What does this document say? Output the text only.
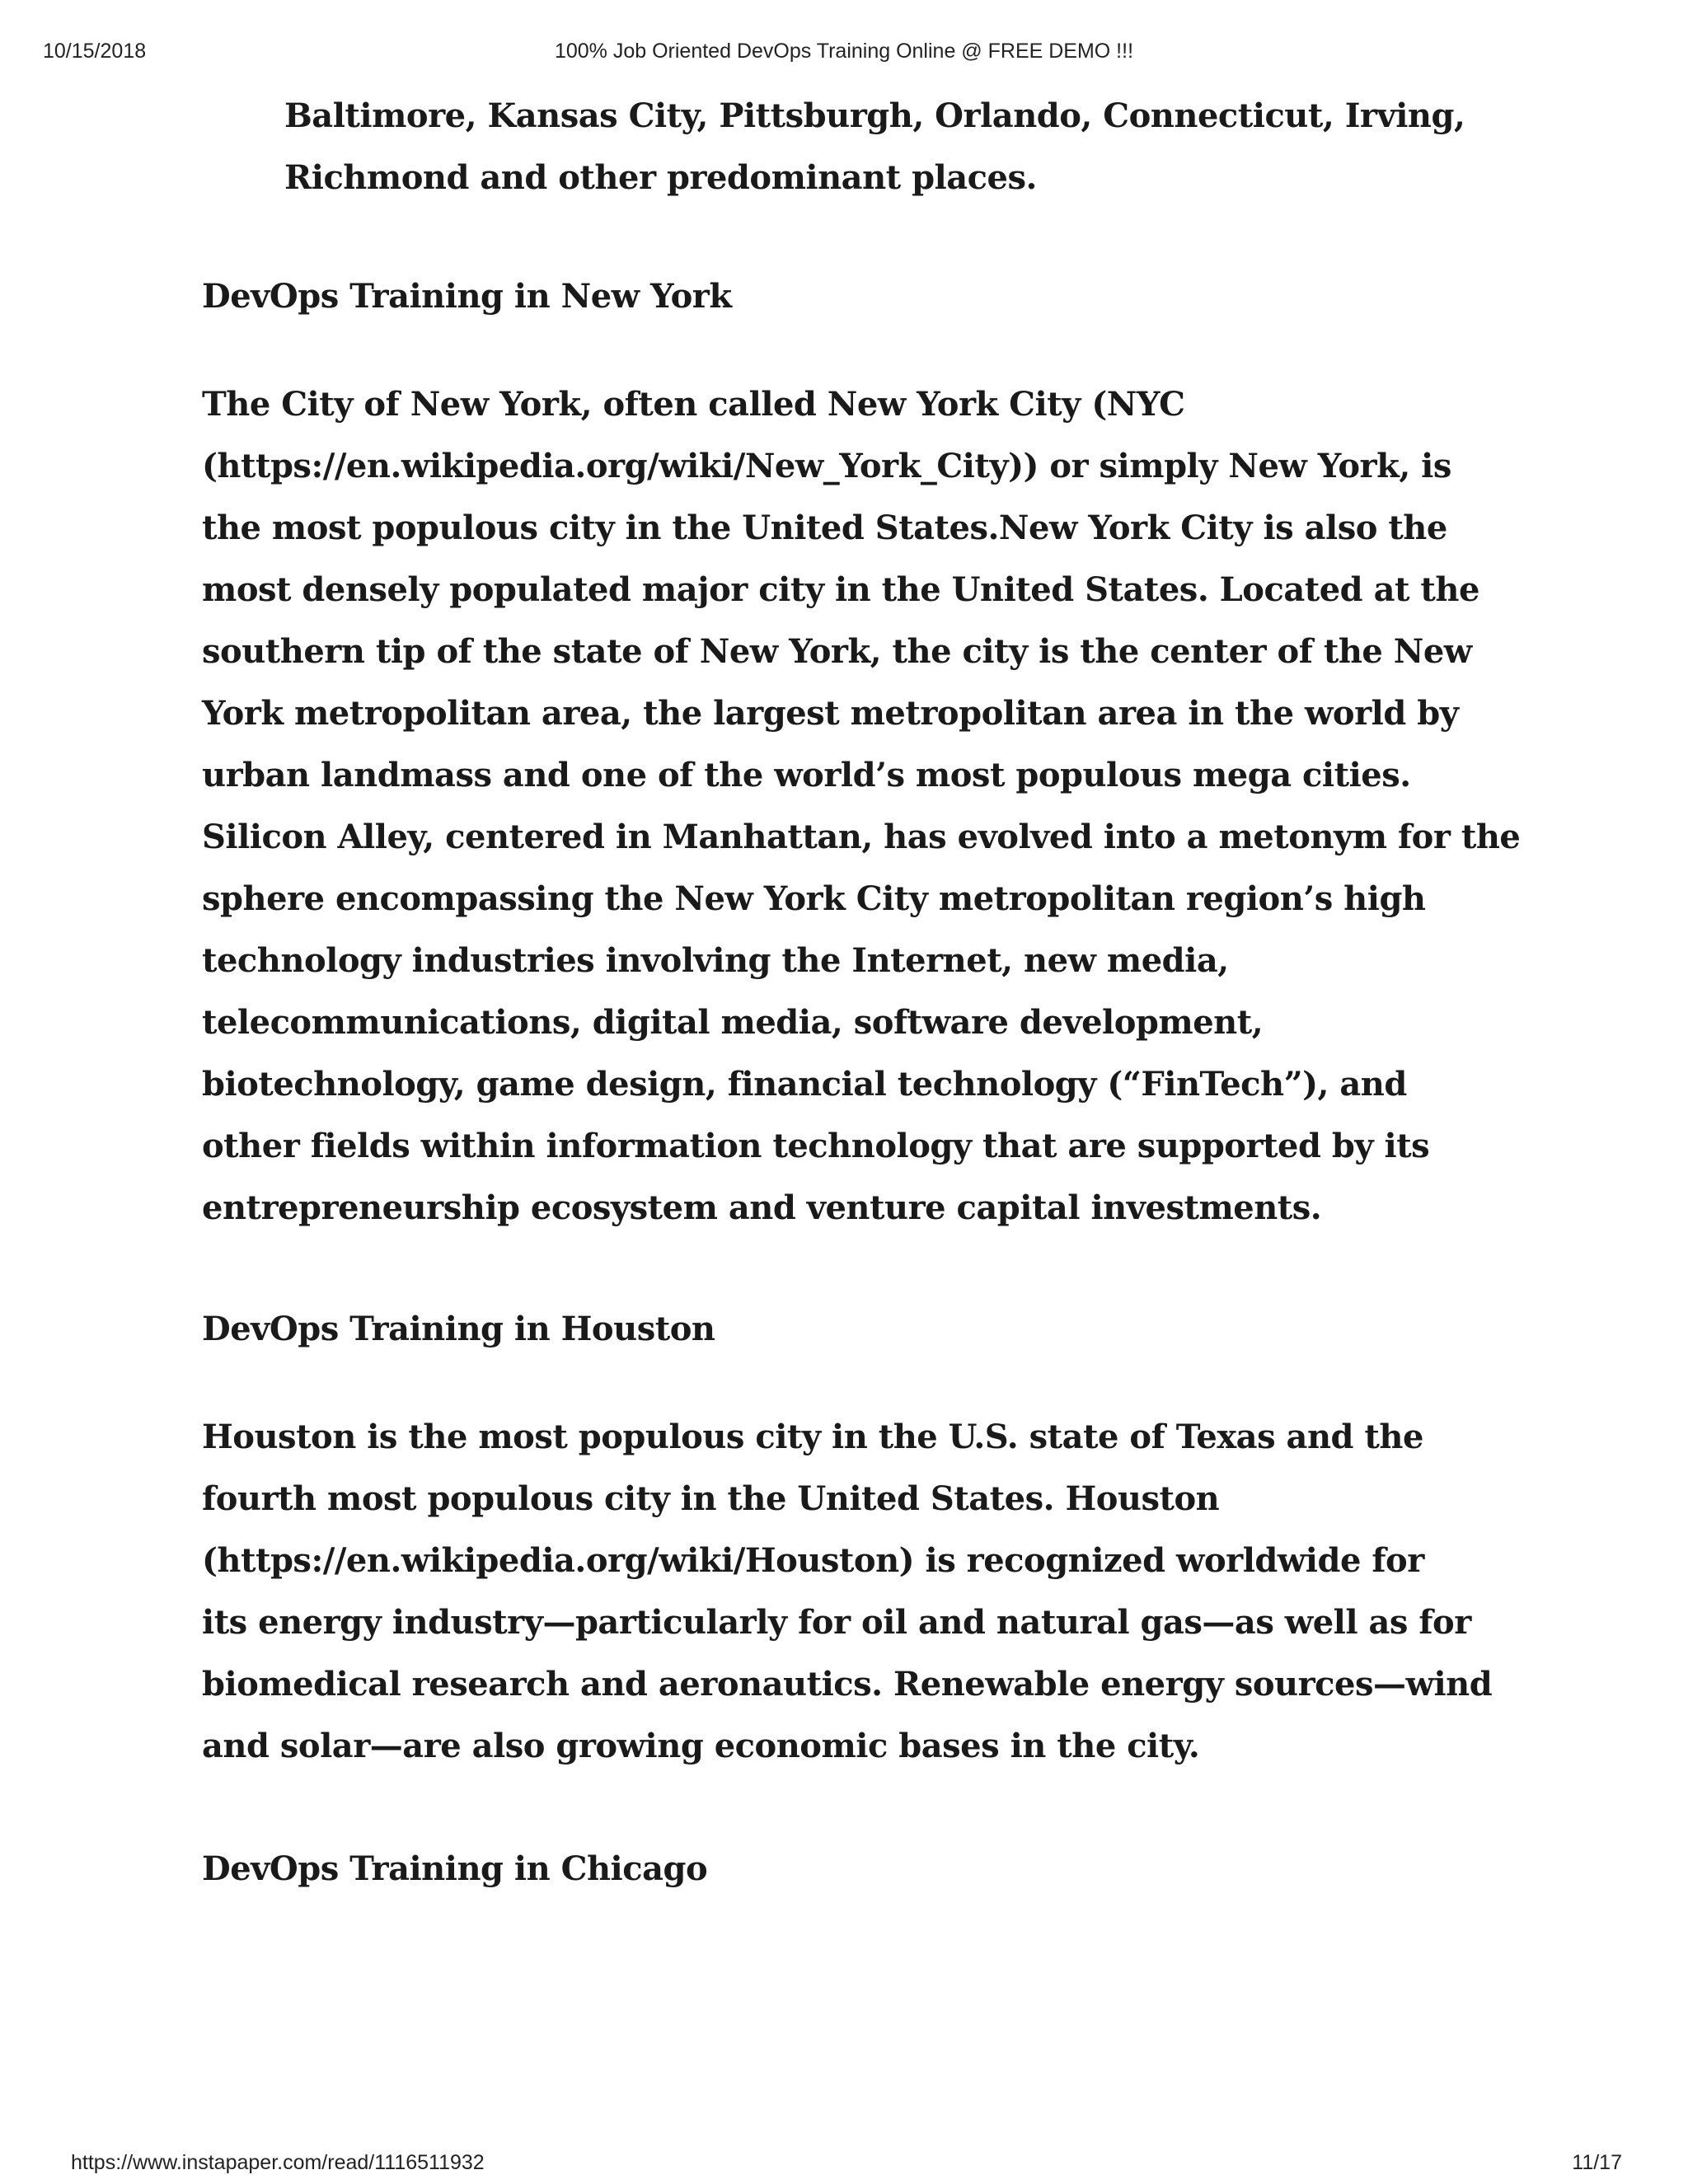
10/15/2018	100% Job Oriented DevOps Training Online @ FREE DEMO !!!
Baltimore, Kansas City, Pittsburgh, Orlando, Connecticut, Irving,
Richmond and other predominant places.
DevOps Training in New York
The City of New York, often called New York City (NYC
(https://en.wikipedia.org/wiki/New_York_City)) or simply New York, is
the most populous city in the United States.New York City is also the
most densely populated major city in the United States. Located at the
southern tip of the state of New York, the city is the center of the New
York metropolitan area, the largest metropolitan area in the world by
urban landmass and one of the world’s most populous mega cities.
Silicon Alley, centered in Manhattan, has evolved into a metonym for the
sphere encompassing the New York City metropolitan region’s high
technology industries involving the Internet, new media,
telecommunications, digital media, software development,
biotechnology, game design, financial technology (“FinTech”), and
other fields within information technology that are supported by its
entrepreneurship ecosystem and venture capital investments.
DevOps Training in Houston
Houston is the most populous city in the U.S. state of Texas and the
fourth most populous city in the United States. Houston
(https://en.wikipedia.org/wiki/Houston) is recognized worldwide for
its energy industry—particularly for oil and natural gas—as well as for
biomedical research and aeronautics. Renewable energy sources—wind
and solar—are also growing economic bases in the city.
DevOps Training in Chicago
https://www.instapaper.com/read/1116511932	11/17
